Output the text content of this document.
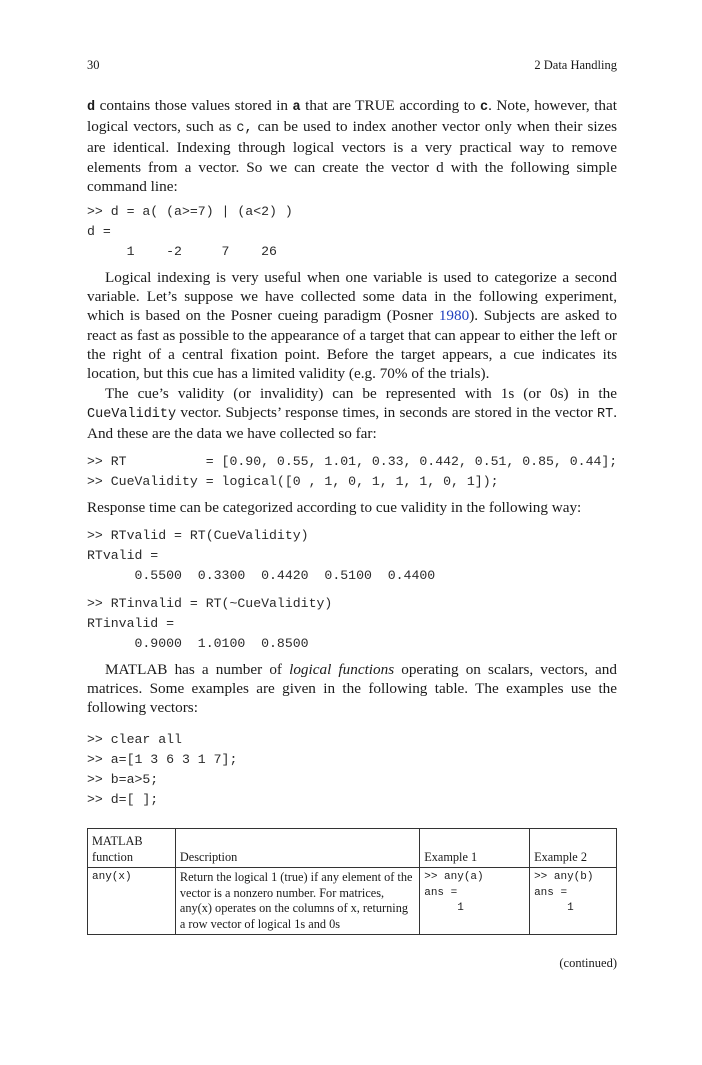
30	2 Data Handling

d contains those values stored in a that are TRUE according to c. Note, however, that logical vectors, such as c, can be used to index another vector only when their sizes are identical. Indexing through logical vectors is a very practical way to remove elements from a vector. So we can create the vector d with the following simple command line:

>> d = a( (a>=7) | (a<2) )
d =
1    -2     7    26

Logical indexing is very useful when one variable is used to categorize a second variable. Let’s suppose we have collected some data in the following experiment, which is based on the Posner cueing paradigm (Posner 1980). Subjects are asked to react as fast as possible to the appearance of a target that can appear to either the left or the right of a central fixation point. Before the target appears, a cue indicates its location, but this cue has a limited validity (e.g. 70% of the trials).

The cue’s validity (or invalidity) can be represented with 1s (or 0s) in the CueValidity vector. Subjects’ response times, in seconds are stored in the vector RT. And these are the data we have collected so far:

>> RT          = [0.90, 0.55, 1.01, 0.33, 0.442, 0.51, 0.85, 0.44];
>> CueValidity = logical([0 , 1, 0, 1, 1, 1, 0, 1]);

Response time can be categorized according to cue validity in the following way:

>> RTvalid = RT(CueValidity)
RTvalid =
0.5500  0.3300  0.4420  0.5100  0.4400
>> RTinvalid = RT(~CueValidity)
RTinvalid =
0.9000  1.0100  0.8500

MATLAB has a number of logical functions operating on scalars, vectors, and matrices. Some examples are given in the following table. The examples use the following vectors:

>> clear all
>> a=[1 3 6 3 1 7];
>> b=a>5;
>> d=[ ];
MATLAB function	Description	Example 1	Example 2
any(x)	Return the logical 1 (true) if any element of the vector is a nonzero number. For matrices, any(x) operates on the columns of x, returning a row vector of logical 1s and 0s	>> any(a)
ans =
1	>> any(b)
ans =
1
(continued)
